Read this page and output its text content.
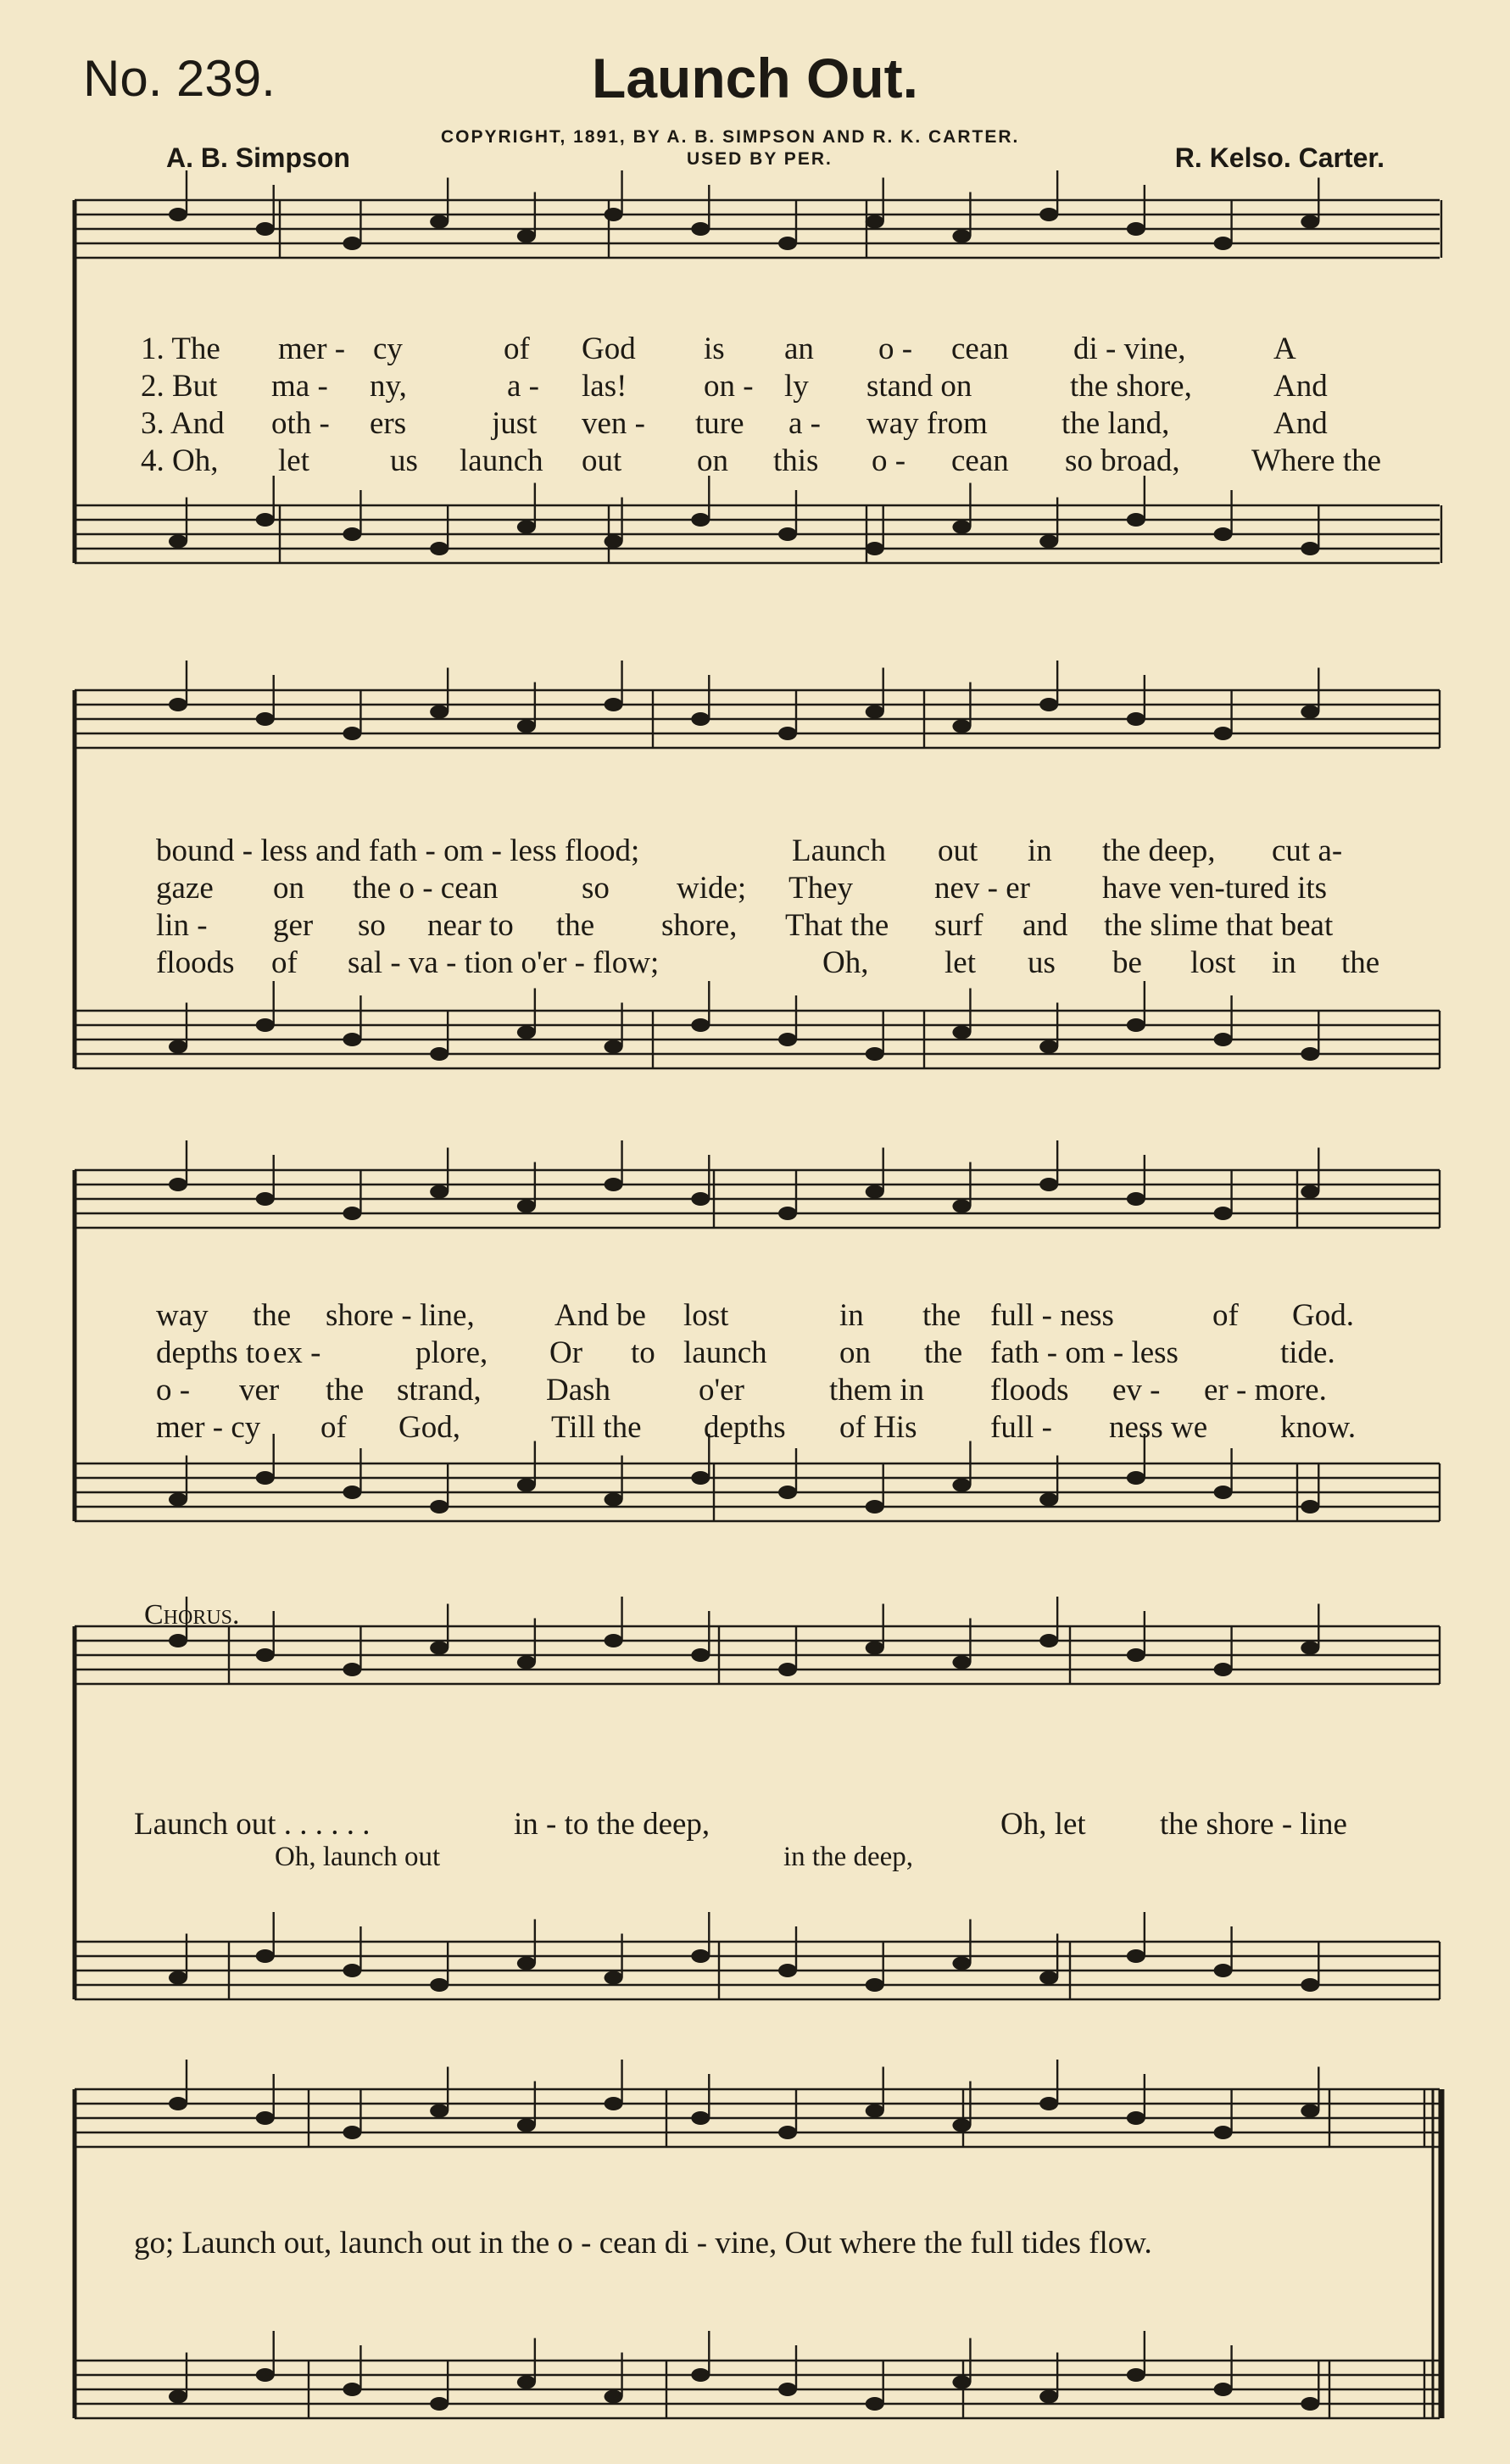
No. 239.	Launch Out.
COPYRIGHT, 1891, BY A. B. SIMPSON AND R. K. CARTER.
USED BY PER.
A. B. Simpson	R. Kelso. Carter.
1. The mer - cy	of God is an o - cean di - vine,	A
2. But ma - ny,	a - las! on - ly stand on	the shore,	And
3. And oth - ers	just ven - ture a - way from the land,	And
4. Oh, let	us launch out on this o - cean so broad, Where the
bound - less and fath - om - less flood;	Launch out in the deep, cut a-
gaze on the o - cean	so wide; They	nev - er have ven-tured its
lin - ger so near to the shore, That the surf and the slime that beat
floods of sal - va - tion o'er - flow;	Oh, let us be lost in the
way the shore - line,	And be lost	in the full - ness	of God.
depths to ex -	plore, Or to launch on the fath - om - less	tide.
o - ver the strand, Dash	o'er	them in floods ev - er - more.
mer - cy of God,	Till the depths of His full - ness we know.
Chorus.
Launch out . . . . . .	in - to the deep,	Oh, let the shore - line
Oh, launch out	in the deep,
go; Launch out, launch out in the o - cean di - vine, Out where the full tides flow.
